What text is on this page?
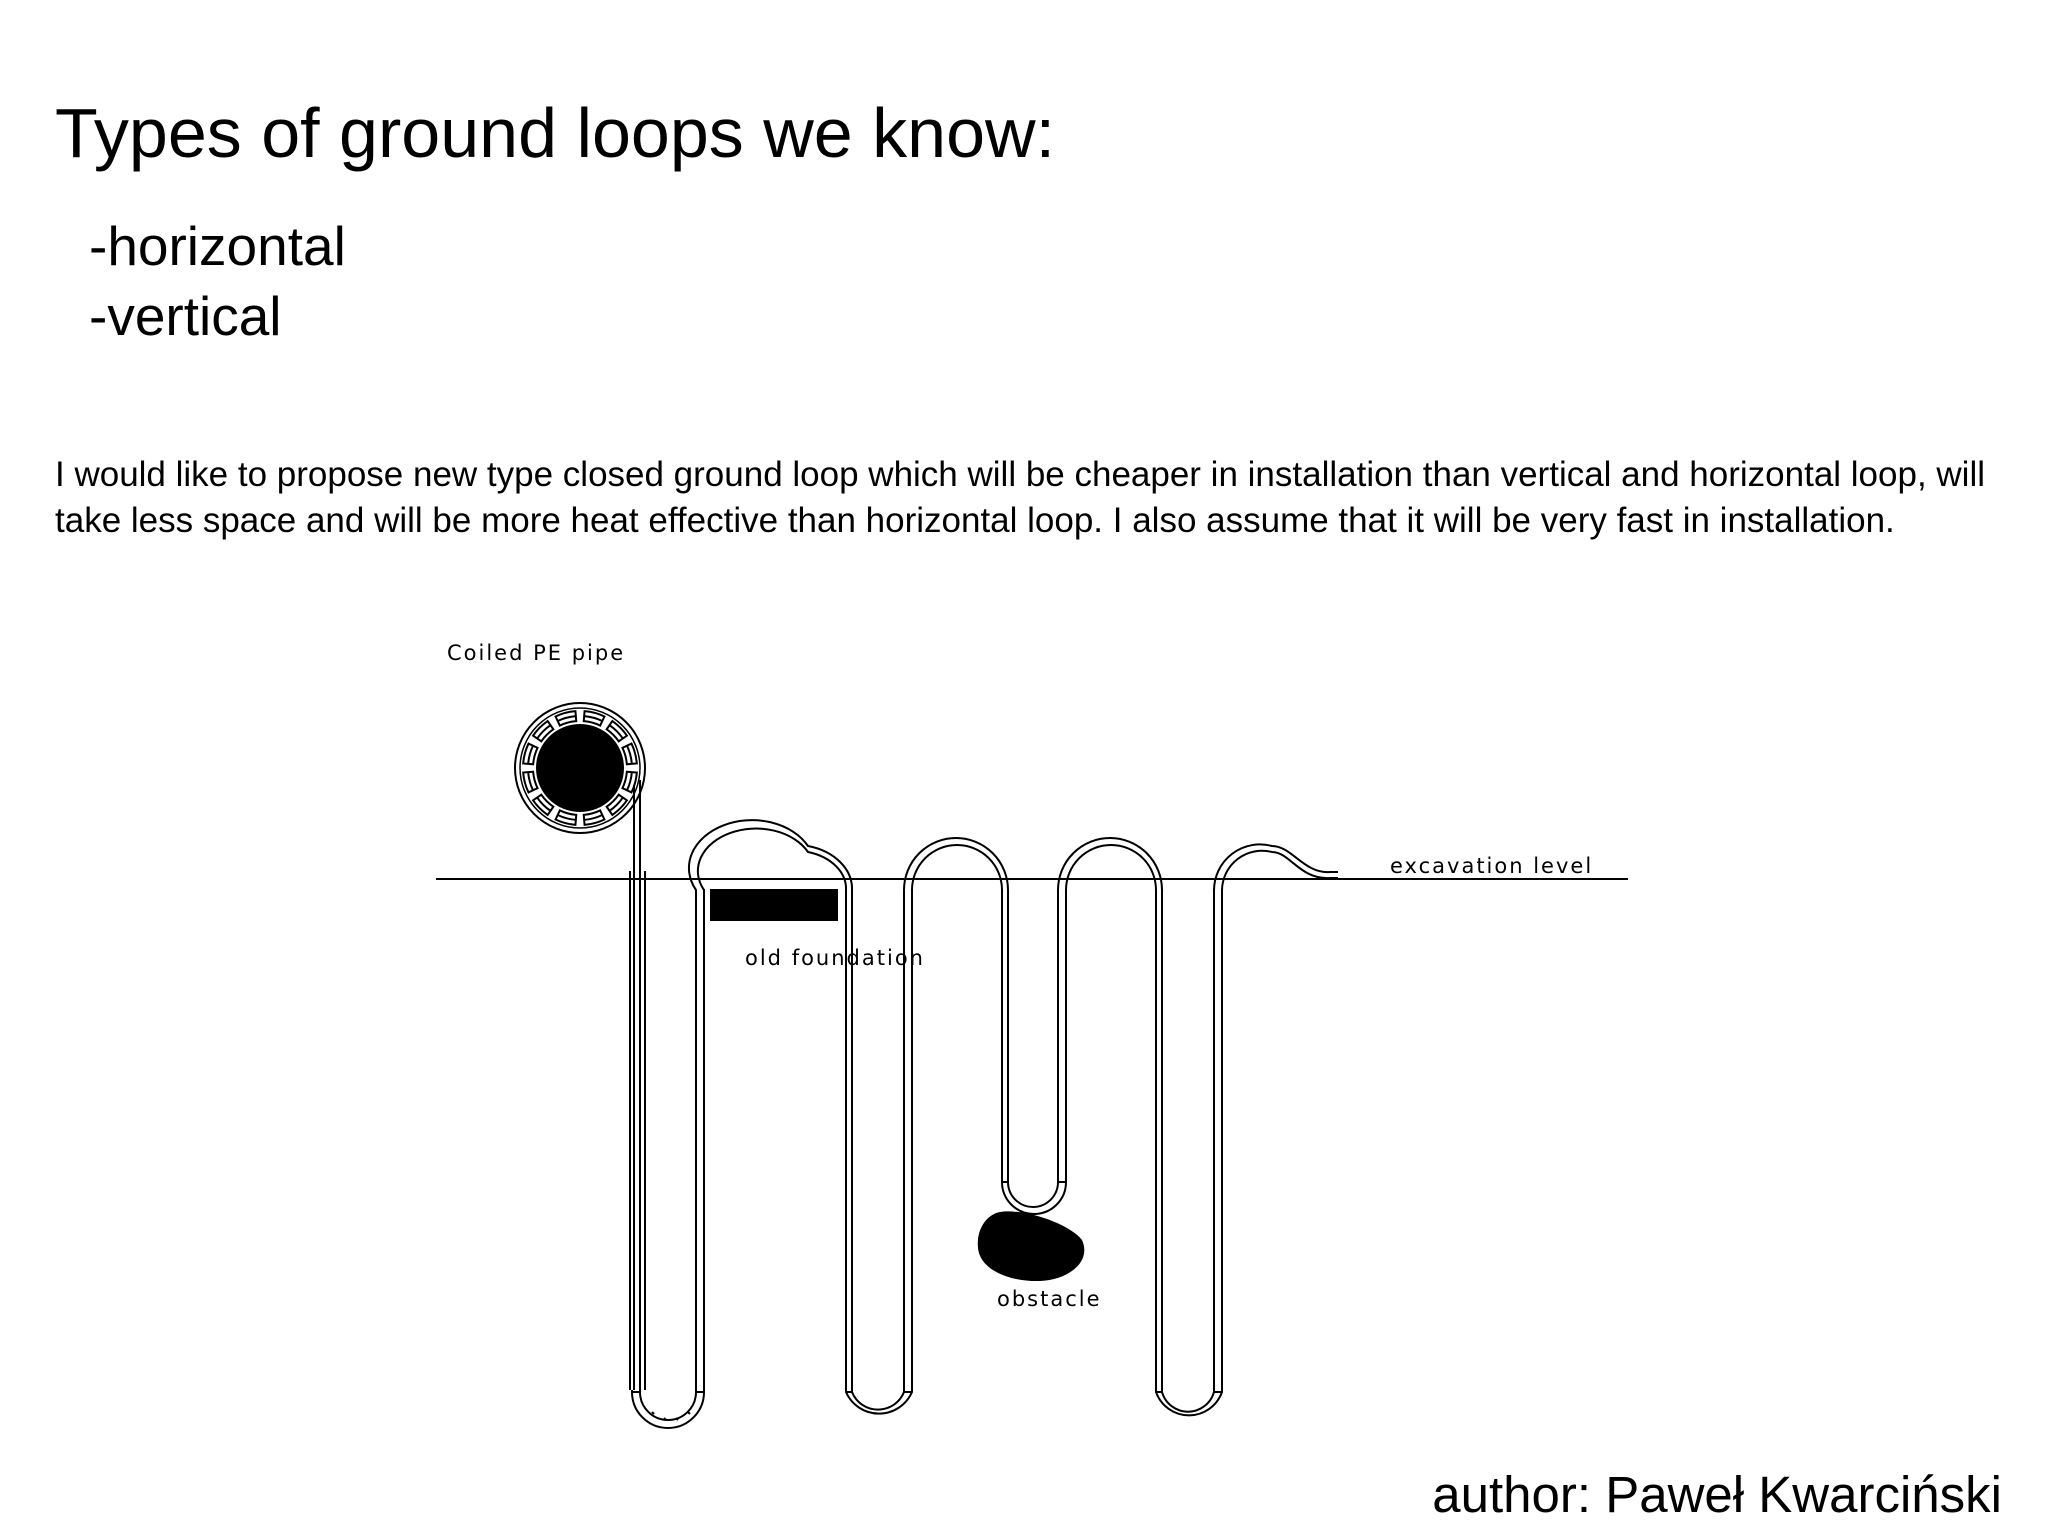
Types of ground loops we know:
-horizontal
-vertical

I would like to propose new type closed ground loop which will be cheaper in installation than vertical and horizontal loop, will take less space and will be more heat effective than horizontal loop. I also assume that it will be very fast in installation.

Coiled PE pipe
excavation level
old foundation
obstacle
author: Paweł Kwarciński
